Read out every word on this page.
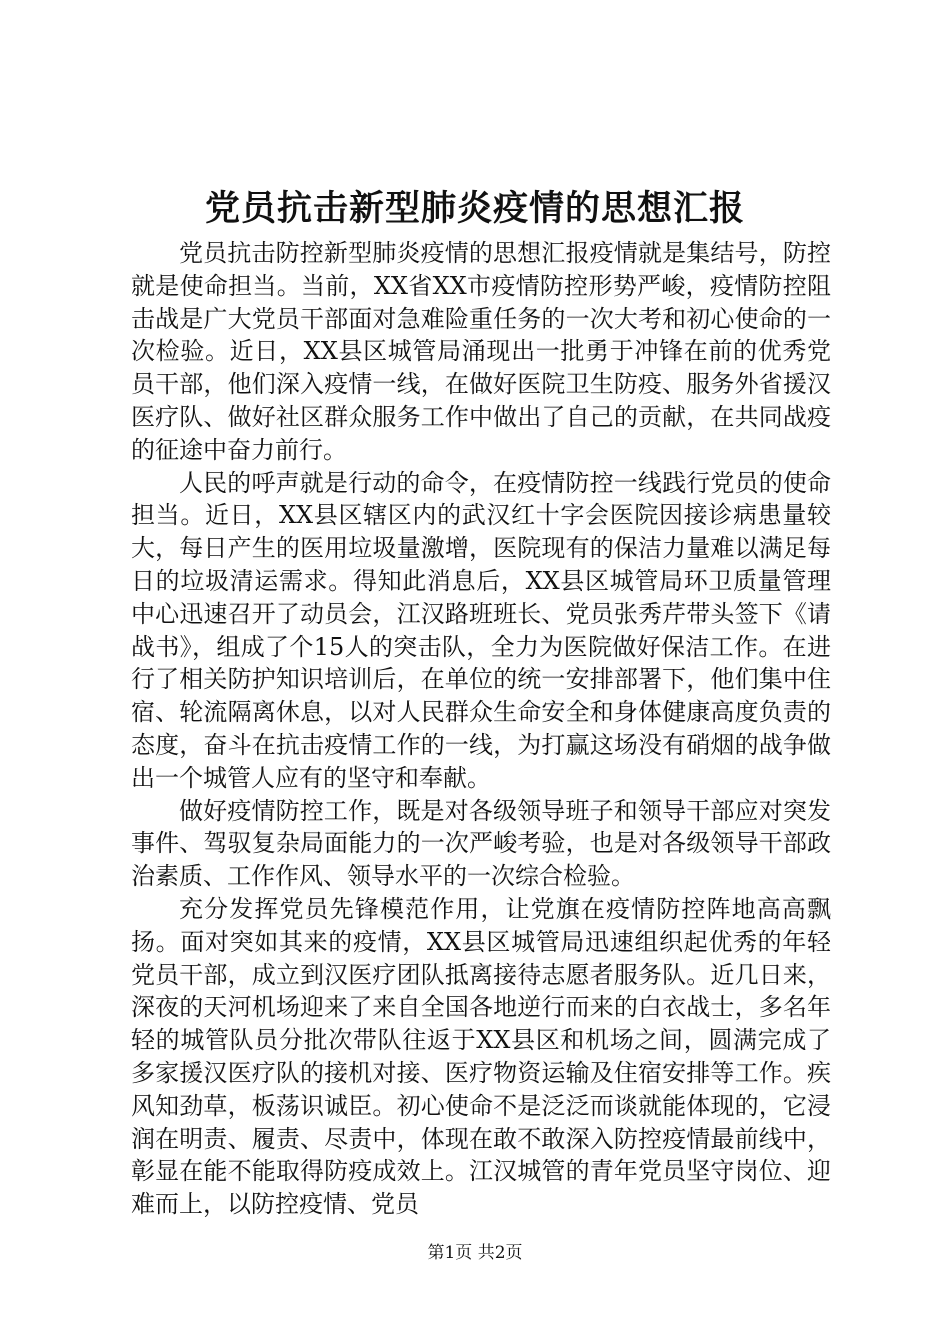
党员抗击新型肺炎疫情的思想汇报

党员抗击防控新型肺炎疫情的思想汇报疫情就是集结号，防控就是使命担当。当前，XX省XX市疫情防控形势严峻，疫情防控阻击战是广大党员干部面对急难险重任务的一次大考和初心使命的一次检验。近日，XX县区城管局涌现出一批勇于冲锋在前的优秀党员干部，他们深入疫情一线，在做好医院卫生防疫、服务外省援汉医疗队、做好社区群众服务工作中做出了自己的贡献，在共同战疫的征途中奋力前行。

人民的呼声就是行动的命令，在疫情防控一线践行党员的使命担当。近日，XX县区辖区内的武汉红十字会医院因接诊病患量较大，每日产生的医用垃圾量激增，医院现有的保洁力量难以满足每日的垃圾清运需求。得知此消息后，XX县区城管局环卫质量管理中心迅速召开了动员会，江汉路班班长、党员张秀芹带头签下《请战书》，组成了个15人的突击队，全力为医院做好保洁工作。在进行了相关防护知识培训后，在单位的统一安排部署下，他们集中住宿、轮流隔离休息，以对人民群众生命安全和身体健康高度负责的态度，奋斗在抗击疫情工作的一线，为打赢这场没有硝烟的战争做出一个城管人应有的坚守和奉献。

做好疫情防控工作，既是对各级领导班子和领导干部应对突发事件、驾驭复杂局面能力的一次严峻考验，也是对各级领导干部政治素质、工作作风、领导水平的一次综合检验。

充分发挥党员先锋模范作用，让党旗在疫情防控阵地高高飘扬。面对突如其来的疫情，XX县区城管局迅速组织起优秀的年轻党员干部，成立到汉医疗团队抵离接待志愿者服务队。近几日来，深夜的天河机场迎来了来自全国各地逆行而来的白衣战士，多名年轻的城管队员分批次带队往返于XX县区和机场之间，圆满完成了多家援汉医疗队的接机对接、医疗物资运输及住宿安排等工作。疾风知劲草，板荡识诚臣。初心使命不是泛泛而谈就能体现的，它浸润在明责、履责、尽责中，体现在敢不敢深入防控疫情最前线中，彰显在能不能取得防疫成效上。江汉城管的青年党员坚守岗位、迎难而上，以防控疫情、党员

第1页 共2页
